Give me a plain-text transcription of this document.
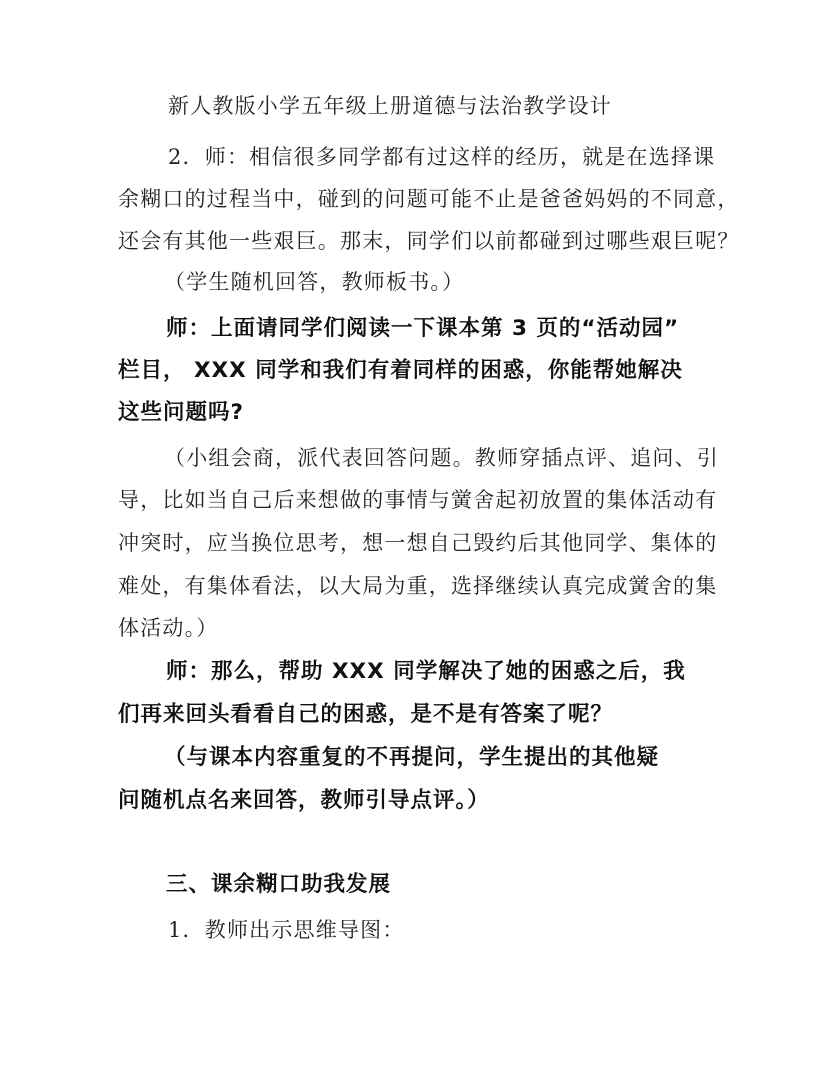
新人教版小学五年级上册道德与法治教学设计
2．师：相信很多同学都有过这样的经历，就是在选择课
余糊口的过程当中，碰到的问题可能不止是爸爸妈妈的不同意，
还会有其他一些艰巨。那末，同学们以前都碰到过哪些艰巨呢？
（学生随机回答，教师板书。）
师：上面请同学们阅读一下课本第 3 页的“活动园”
栏目， XXX 同学和我们有着同样的困惑，你能帮她解决
这些问题吗?
（小组会商，派代表回答问题。教师穿插点评、追问、引
导，比如当自己后来想做的事情与黉舍起初放置的集体活动有
冲突时，应当换位思考，想一想自己毁约后其他同学、集体的
难处，有集体看法，以大局为重，选择继续认真完成黉舍的集
体活动。）
师：那么，帮助 XXX 同学解决了她的困惑之后，我
们再来回头看看自己的困惑，是不是有答案了呢？
（与课本内容重复的不再提问，学生提出的其他疑
问随机点名来回答，教师引导点评。）
三、课余糊口助我发展
1．教师出示思维导图：
